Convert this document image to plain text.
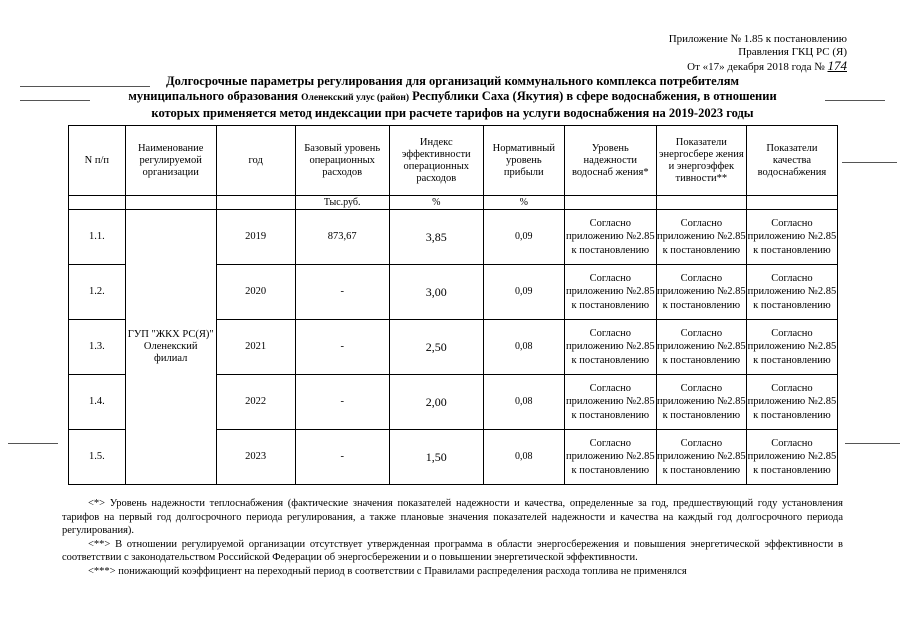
Приложение № 1.85 к постановлению
Правления ГКЦ РС (Я)
От «17» декабря 2018 года № 174
Долгосрочные параметры регулирования для организаций коммунального комплекса потребителям
муниципального образования Оленекский улус (район) Республики Саха (Якутия) в сфере водоснабжения, в отношении
которых применяется метод индексации при расчете тарифов на услуги водоснабжения на 2019-2023 годы
N п/п	Наименование регулируемой организации	год	Базовый уровень операционных расходов	Индекс эффективности операционных расходов	Нормативный уровень прибыли	Уровень надежности водоснаб жения*	Показатели энергосбере жения и энергоэффек тивности**	Показатели качества водоснабжения
			Тыс.руб.	%	%			
1.1.	ГУП "ЖКХ РС(Я)" Оленекский филиал	2019	873,67	3,85	0,09	Согласно приложению №2.85 к постановлению	Согласно приложению №2.85 к постановлению	Согласно приложению №2.85 к постановлению
1.2.		2020	-	3,00	0,09	Согласно приложению №2.85 к постановлению	Согласно приложению №2.85 к постановлению	Согласно приложению №2.85 к постановлению
1.3.		2021	-	2,50	0,08	Согласно приложению №2.85 к постановлению	Согласно приложению №2.85 к постановлению	Согласно приложению №2.85 к постановлению
1.4.		2022	-	2,00	0,08	Согласно приложению №2.85 к постановлению	Согласно приложению №2.85 к постановлению	Согласно приложению №2.85 к постановлению
1.5.		2023	-	1,50	0,08	Согласно приложению №2.85 к постановлению	Согласно приложению №2.85 к постановлению	Согласно приложению №2.85 к постановлению

<*> Уровень надежности теплоснабжения (фактические значения показателей надежности и качества, определенные за год, предшествующий году установления тарифов на первый год долгосрочного периода регулирования, а также плановые значения показателей надежности и качества на каждый год долгосрочного периода регулирования).

<**> В отношении регулируемой организации отсутствует утвержденная программа в области энергосбережения и повышения энергетической эффективности в соответствии с законодательством Российской Федерации об энергосбережении и о повышении энергетической эффективности.

<***> понижающий коэффициент на переходный период в соответствии с Правилами распределения расхода топлива не применялся
